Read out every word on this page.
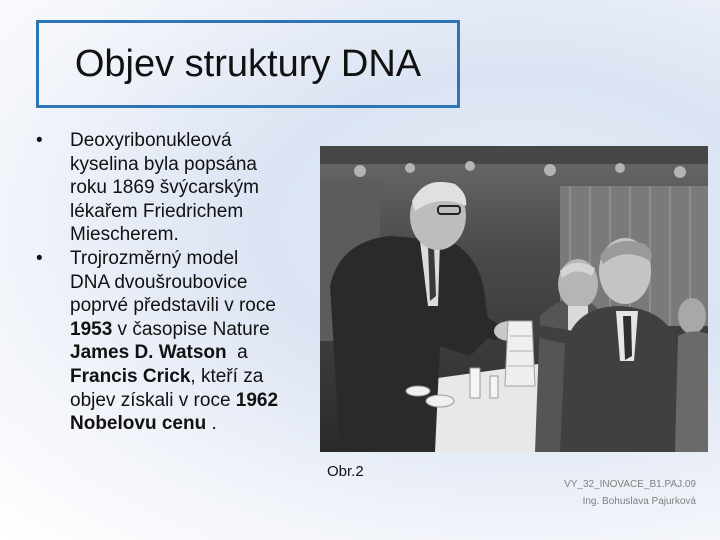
Objev struktury DNA
• Deoxyribonukleová
kyselina byla popsána
roku 1869 švýcarským
lékařem Friedrichem
Miescherem.
• Trojrozměrný model
DNA dvoušroubovice
poprvé představili v roce
1953 v časopise Nature
James D. Watson  a
Francis Crick, kteří za
objev získali v roce 1962
Nobelovu cenu .
Obr.2
VY_32_INOVACE_B1.PAJ.09
Ing. Bohuslava Pajurková
